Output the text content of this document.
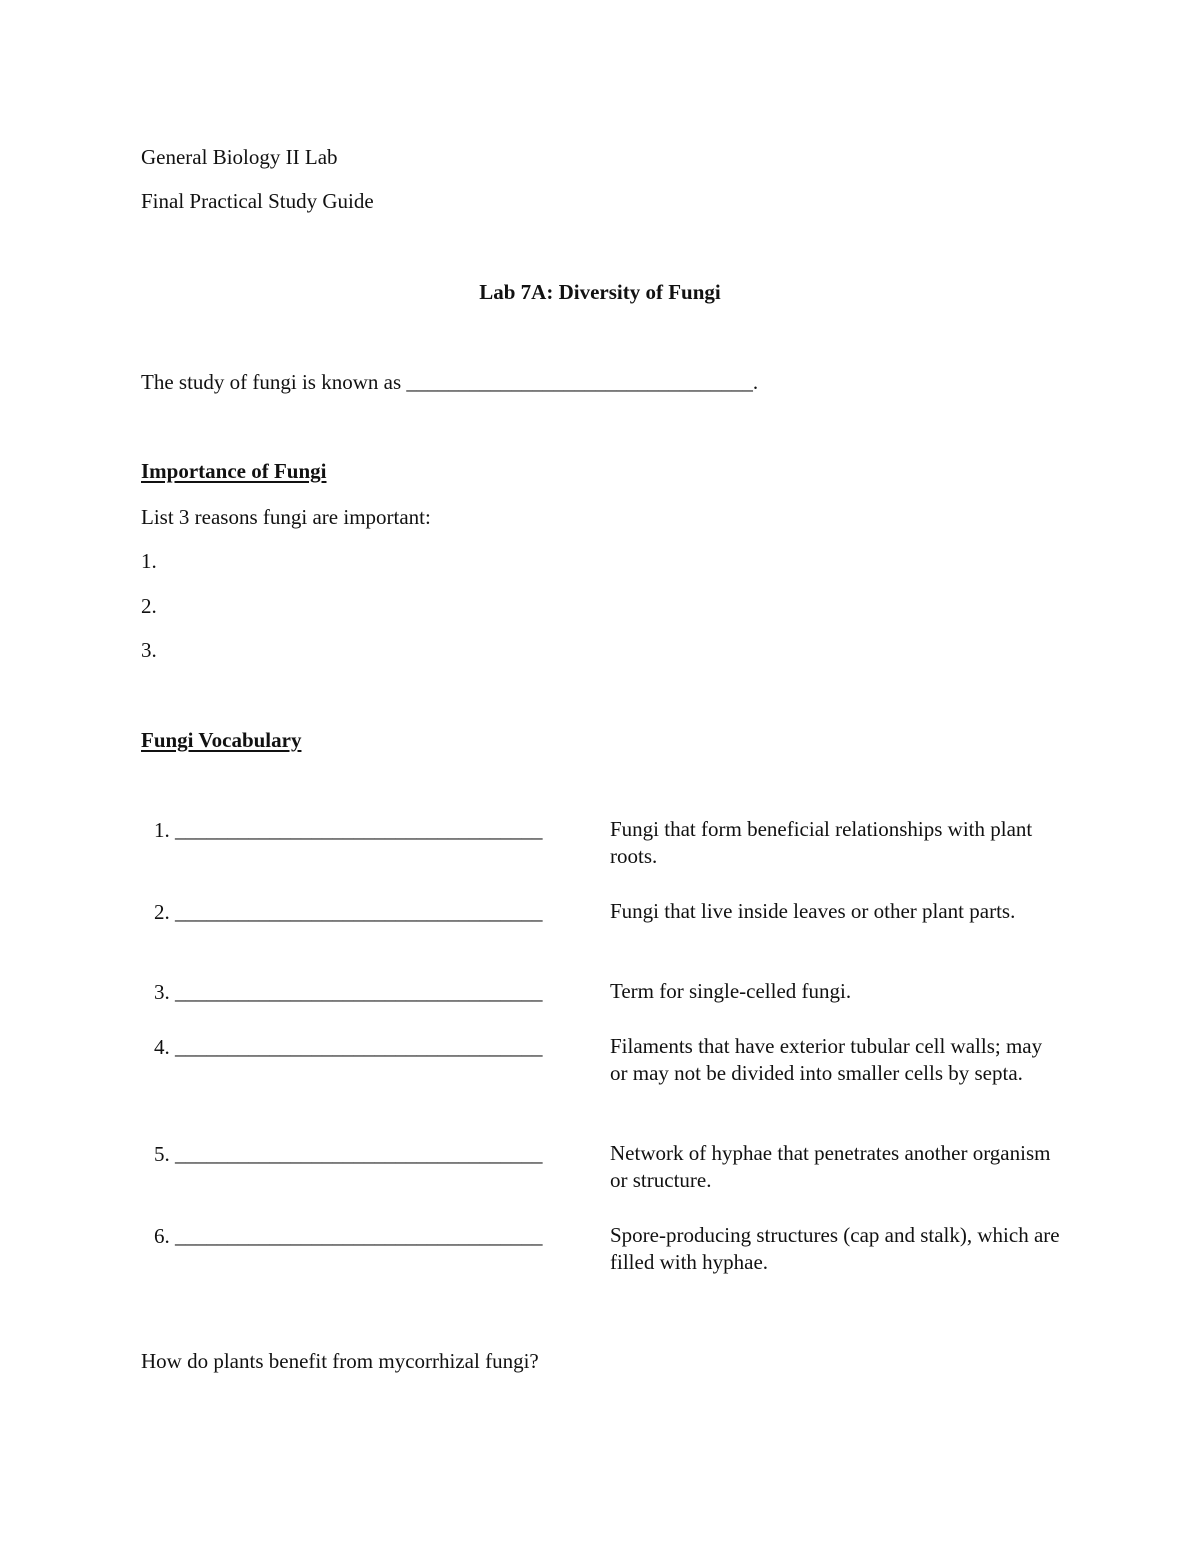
General Biology II Lab
Final Practical Study Guide
Lab 7A: Diversity of Fungi
The study of fungi is known as _________________________________.
Importance of Fungi
List 3 reasons fungi are important:
1.
2.
3.
Fungi Vocabulary
1. ___________________________________	Fungi that form beneficial relationships with plant roots.
2. ___________________________________	Fungi that live inside leaves or other plant parts.
3. ___________________________________	Term for single-celled fungi.
4. ___________________________________	Filaments that have exterior tubular cell walls; may or may not be divided into smaller cells by septa.
5. ___________________________________	Network of hyphae that penetrates another organism or structure.
6. ___________________________________	Spore-producing structures (cap and stalk), which are filled with hyphae.
How do plants benefit from mycorrhizal fungi?
